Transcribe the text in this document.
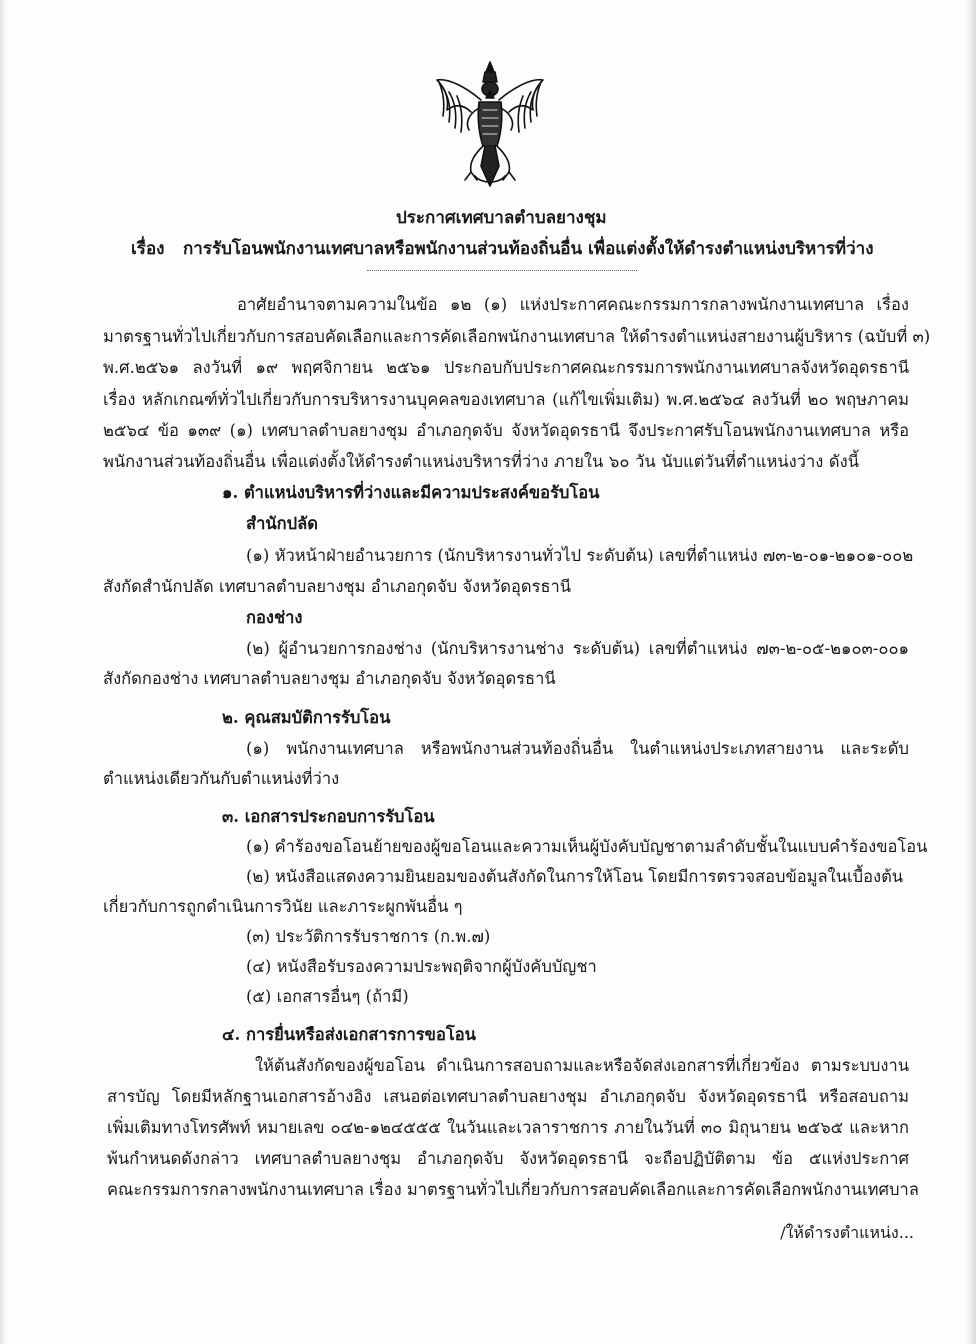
ประกาศเทศบาลตำบลยางชุม
เรื่อง การรับโอนพนักงานเทศบาลหรือพนักงานส่วนท้องถิ่นอื่น เพื่อแต่งตั้งให้ดำรงตำแหน่งบริหารที่ว่าง
อาศัยอำนาจตามความในข้อ ๑๒ (๑) แห่งประกาศคณะกรรมการกลางพนักงานเทศบาล เรื่อง
มาตรฐานทั่วไปเกี่ยวกับการสอบคัดเลือกและการคัดเลือกพนักงานเทศบาล ให้ดำรงตำแหน่งสายงานผู้บริหาร (ฉบับที่ ๓)
พ.ศ.๒๕๖๑ ลงวันที่ ๑๙ พฤศจิกายน ๒๕๖๑ ประกอบกับประกาศคณะกรรมการพนักงานเทศบาลจังหวัดอุดรธานี
เรื่อง หลักเกณฑ์ทั่วไปเกี่ยวกับการบริหารงานบุคคลของเทศบาล (แก้ไขเพิ่มเติม) พ.ศ.๒๕๖๔ ลงวันที่ ๒๐ พฤษภาคม
๒๕๖๔ ข้อ ๑๓๙ (๑) เทศบาลตำบลยางชุม อำเภอกุดจับ จังหวัดอุดรธานี จึงประกาศรับโอนพนักงานเทศบาล หรือ
พนักงานส่วนท้องถิ่นอื่น เพื่อแต่งตั้งให้ดำรงตำแหน่งบริหารที่ว่าง ภายใน ๖๐ วัน นับแต่วันที่ตำแหน่งว่าง ดังนี้
๑. ตำแหน่งบริหารที่ว่างและมีความประสงค์ขอรับโอน
สำนักปลัด
(๑) หัวหน้าฝ่ายอำนวยการ (นักบริหารงานทั่วไป ระดับต้น) เลขที่ตำแหน่ง ๗๓-๒-๐๑-๒๑๐๑-๐๐๒
สังกัดสำนักปลัด เทศบาลตำบลยางชุม อำเภอกุดจับ จังหวัดอุดรธานี
กองช่าง
(๒) ผู้อำนวยการกองช่าง (นักบริหารงานช่าง ระดับต้น) เลขที่ตำแหน่ง ๗๓-๒-๐๕-๒๑๐๓-๐๐๑
สังกัดกองช่าง เทศบาลตำบลยางชุม อำเภอกุดจับ จังหวัดอุดรธานี
๒. คุณสมบัติการรับโอน
(๑) พนักงานเทศบาล หรือพนักงานส่วนท้องถิ่นอื่น ในตำแหน่งประเภทสายงาน และระดับ
ตำแหน่งเดียวกันกับตำแหน่งที่ว่าง
๓. เอกสารประกอบการรับโอน
(๑) คำร้องขอโอนย้ายของผู้ขอโอนและความเห็นผู้บังคับบัญชาตามลำดับชั้นในแบบคำร้องขอโอน
(๒) หนังสือแสดงความยินยอมของต้นสังกัดในการให้โอน โดยมีการตรวจสอบข้อมูลในเบื้องต้น
เกี่ยวกับการถูกดำเนินการวินัย และภาระผูกพันอื่น ๆ
(๓) ประวัติการรับราชการ (ก.พ.๗)
(๔) หนังสือรับรองความประพฤติจากผู้บังคับบัญชา
(๕) เอกสารอื่นๆ (ถ้ามี)
๔. การยื่นหรือส่งเอกสารการขอโอน
ให้ต้นสังกัดของผู้ขอโอน ดำเนินการสอบถามและหรือจัดส่งเอกสารที่เกี่ยวข้อง ตามระบบงาน
สารบัญ โดยมีหลักฐานเอกสารอ้างอิง เสนอต่อเทศบาลตำบลยางชุม อำเภอกุดจับ จังหวัดอุดรธานี หรือสอบถาม
เพิ่มเติมทางโทรศัพท์ หมายเลข ๐๔๒-๑๒๔๕๕๕ ในวันและเวลาราชการ ภายในวันที่ ๓๐ มิถุนายน ๒๕๖๕ และหาก
พ้นกำหนดดังกล่าว เทศบาลตำบลยางชุม อำเภอกุดจับ จังหวัดอุดรธานี จะถือปฏิบัติตาม ข้อ ๕แห่งประกาศ
คณะกรรมการกลางพนักงานเทศบาล เรื่อง มาตรฐานทั่วไปเกี่ยวกับการสอบคัดเลือกและการคัดเลือกพนักงานเทศบาล
/ให้ดำรงตำแหน่ง...
